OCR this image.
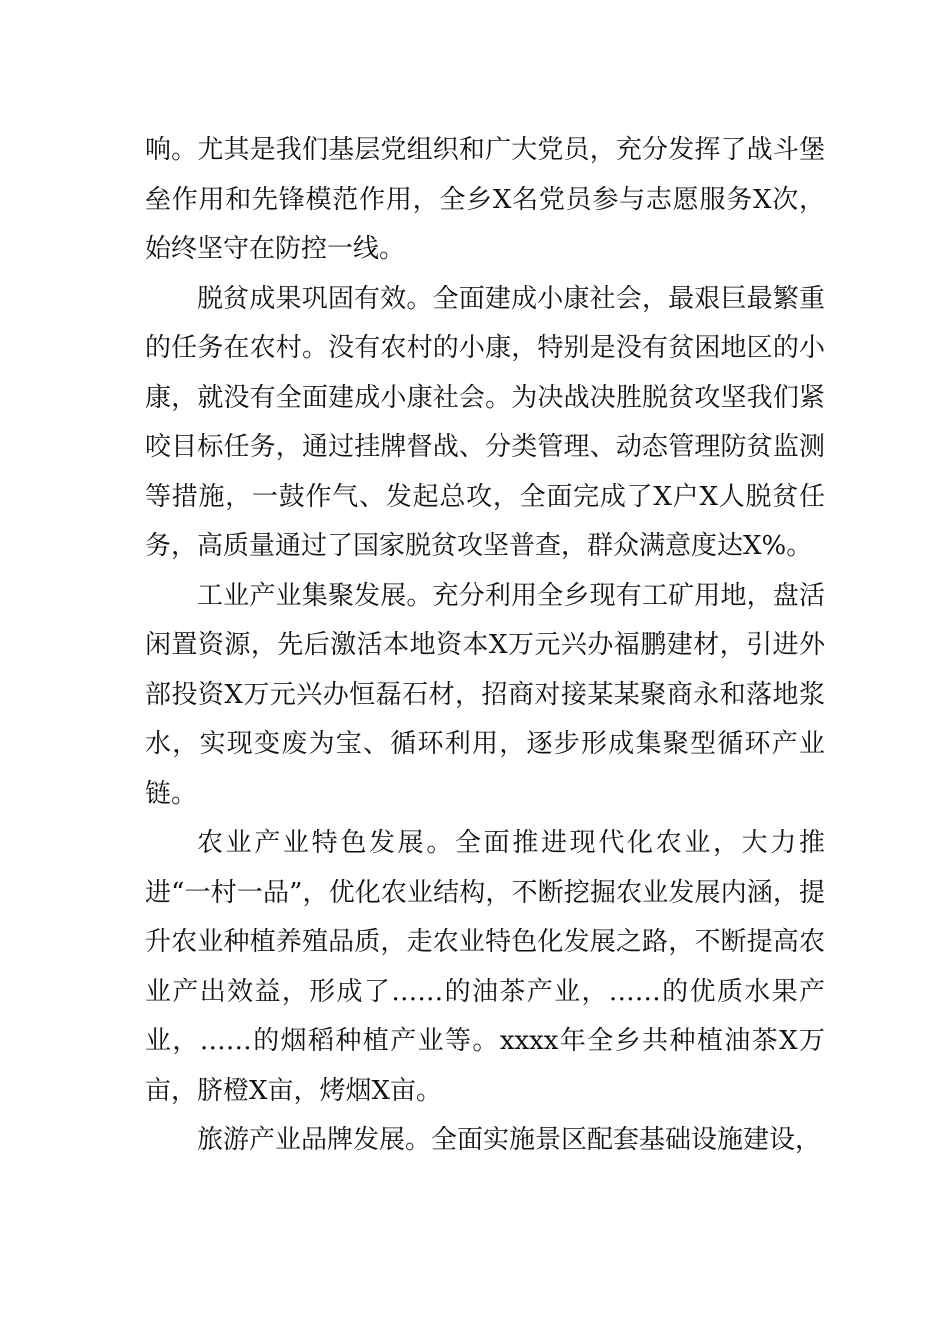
响。尤其是我们基层党组织和广大党员，充分发挥了战斗堡垒作用和先锋模范作用，全乡X名党员参与志愿服务X次，始终坚守在防控一线。

脱贫成果巩固有效。全面建成小康社会，最艰巨最繁重的任务在农村。没有农村的小康，特别是没有贫困地区的小康，就没有全面建成小康社会。为决战决胜脱贫攻坚我们紧咬目标任务，通过挂牌督战、分类管理、动态管理防贫监测等措施，一鼓作气、发起总攻，全面完成了X户X人脱贫任务，高质量通过了国家脱贫攻坚普查，群众满意度达X%。

工业产业集聚发展。充分利用全乡现有工矿用地，盘活闲置资源，先后激活本地资本X万元兴办福鹏建材，引进外部投资X万元兴办恒磊石材，招商对接某某聚商永和落地浆水，实现变废为宝、循环利用，逐步形成集聚型循环产业链。

农业产业特色发展。全面推进现代化农业，大力推进“一村一品”，优化农业结构，不断挖掘农业发展内涵，提升农业种植养殖品质，走农业特色化发展之路，不断提高农业产出效益，形成了……的油茶产业，……的优质水果产业，……的烟稻种植产业等。xxxx年全乡共种植油茶X万亩，脐橙X亩，烤烟X亩。

旅游产业品牌发展。全面实施景区配套基础设施建设，
